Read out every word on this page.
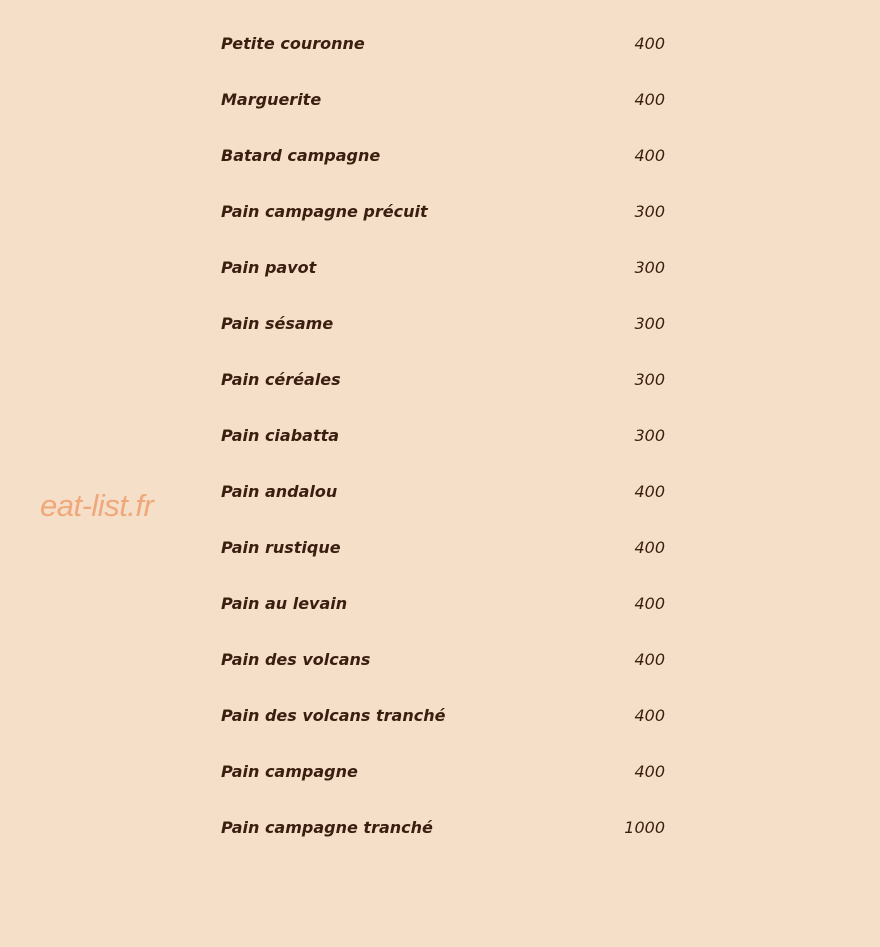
eat-list.fr
Petite couronne	400
Marguerite	400
Batard campagne	400
Pain campagne précuit	300
Pain pavot	300
Pain sésame	300
Pain céréales	300
Pain ciabatta	300
Pain andalou	400
Pain rustique	400
Pain au levain	400
Pain des volcans	400
Pain des volcans tranché	400
Pain campagne	400
Pain campagne tranché	1000
